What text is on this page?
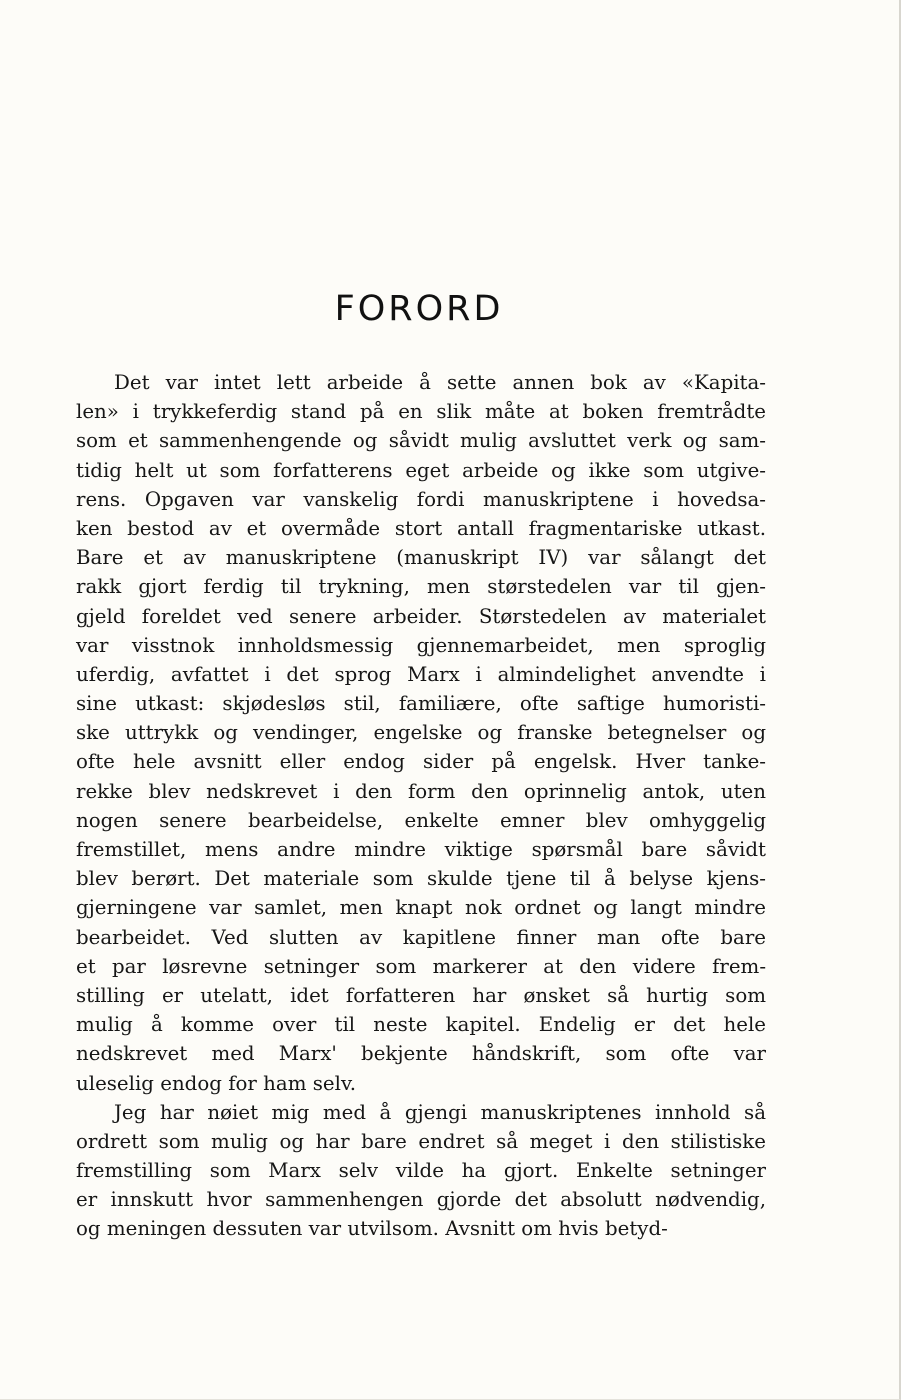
FORORD
Det var intet lett arbeide å sette annen bok av «Kapita-
len» i trykkeferdig stand på en slik måte at boken fremtrådte
som et sammenhengende og såvidt mulig avsluttet verk og sam-
tidig helt ut som forfatterens eget arbeide og ikke som utgive-
rens. Opgaven var vanskelig fordi manuskriptene i hovedsa-
ken bestod av et overmåde stort antall fragmentariske utkast.
Bare et av manuskriptene (manuskript IV) var sålangt det
rakk gjort ferdig til trykning, men størstedelen var til gjen-
gjeld foreldet ved senere arbeider. Størstedelen av materialet
var visstnok innholdsmessig gjennemarbeidet, men sproglig
uferdig, avfattet i det sprog Marx i almindelighet anvendte i
sine utkast: skjødesløs stil, familiære, ofte saftige humoristi-
ske uttrykk og vendinger, engelske og franske betegnelser og
ofte hele avsnitt eller endog sider på engelsk. Hver tanke-
rekke blev nedskrevet i den form den oprinnelig antok, uten
nogen senere bearbeidelse, enkelte emner blev omhyggelig
fremstillet, mens andre mindre viktige spørsmål bare såvidt
blev berørt. Det materiale som skulde tjene til å belyse kjens-
gjerningene var samlet, men knapt nok ordnet og langt mindre
bearbeidet. Ved slutten av kapitlene finner man ofte bare
et par løsrevne setninger som markerer at den videre frem-
stilling er utelatt, idet forfatteren har ønsket så hurtig som
mulig å komme over til neste kapitel. Endelig er det hele
nedskrevet med Marx' bekjente håndskrift, som ofte var
uleselig endog for ham selv.
Jeg har nøiet mig med å gjengi manuskriptenes innhold så
ordrett som mulig og har bare endret så meget i den stilistiske
fremstilling som Marx selv vilde ha gjort. Enkelte setninger
er innskutt hvor sammenhengen gjorde det absolutt nødvendig,
og meningen dessuten var utvilsom. Avsnitt om hvis betyd-
